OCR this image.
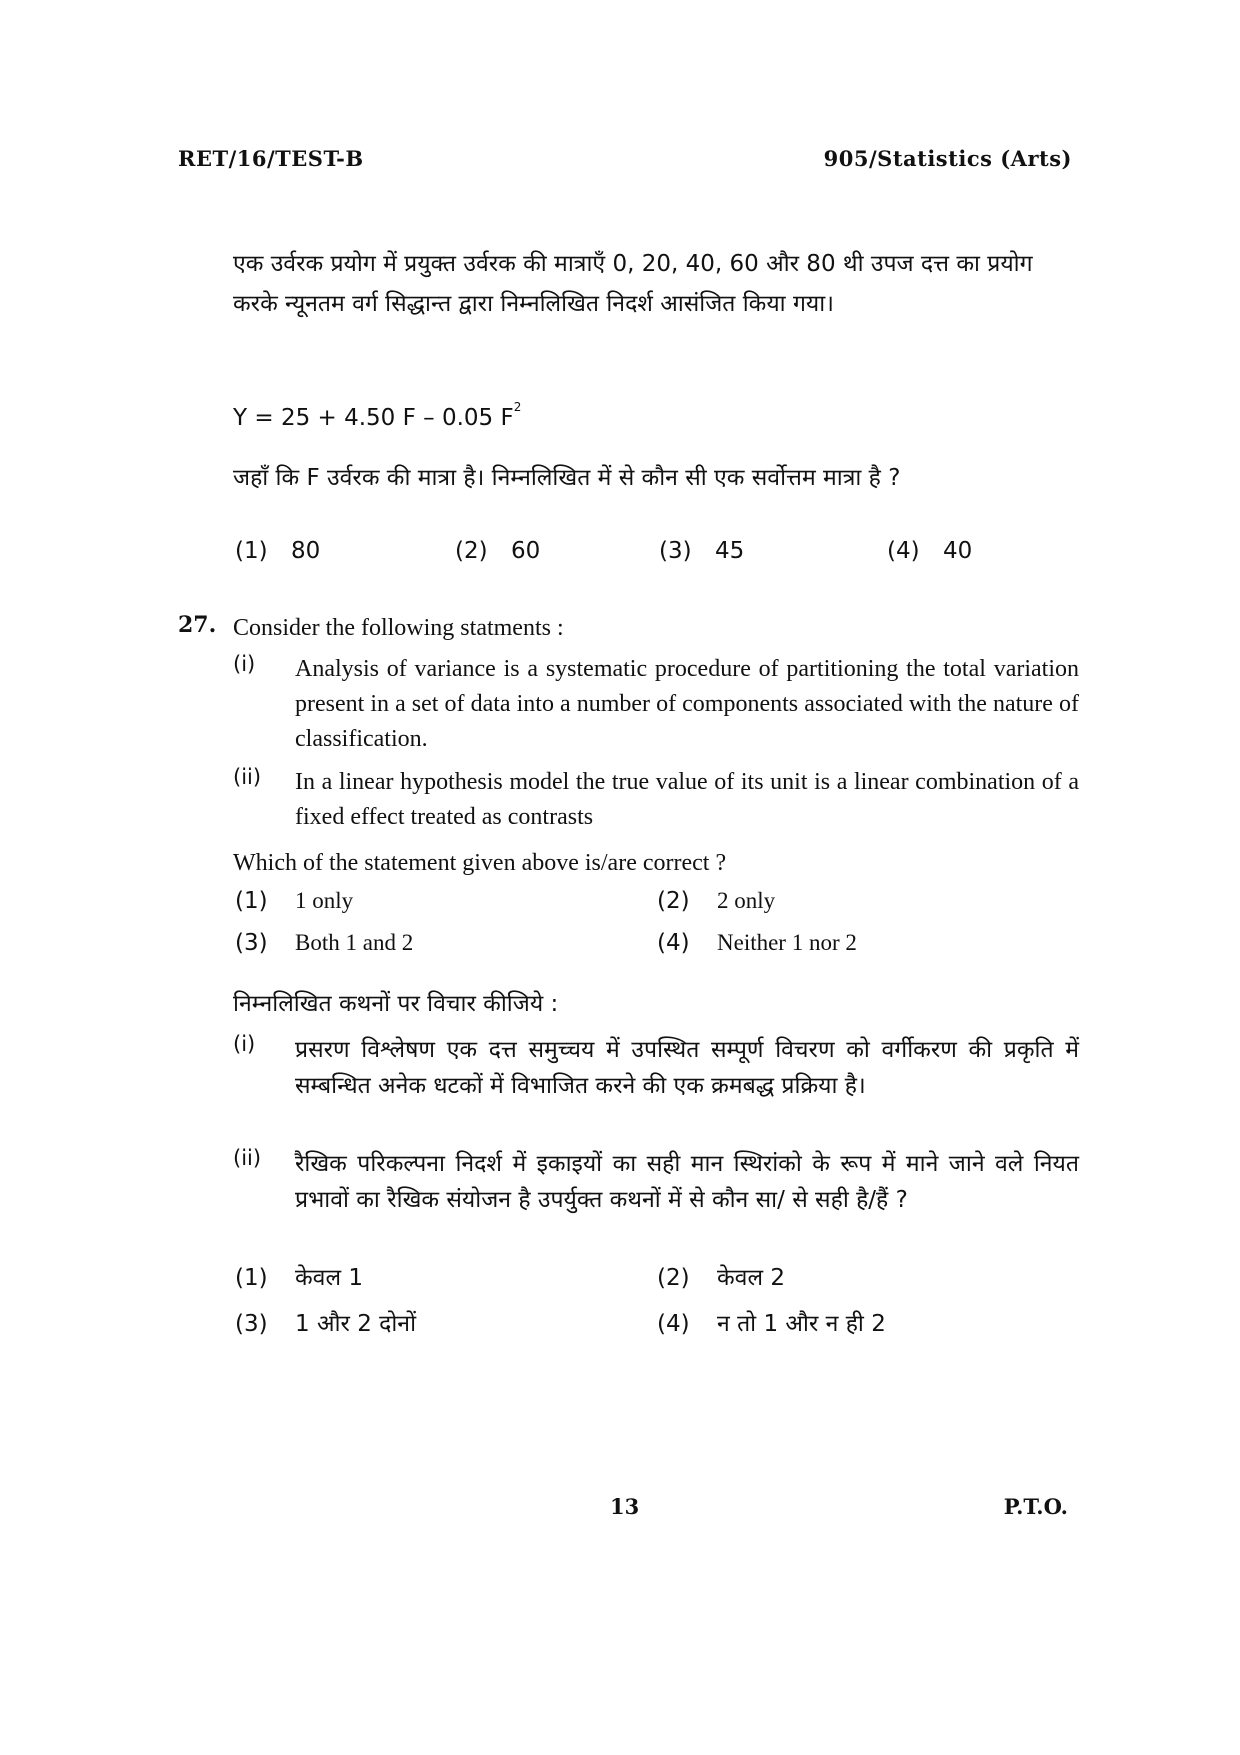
RET/16/TEST-B	905/Statistics (Arts)
एक उर्वरक प्रयोग में प्रयुक्त उर्वरक की मात्राएँ 0, 20, 40, 60 और 80 थी उपज दत्त का प्रयोग करके न्यूनतम वर्ग सिद्धान्त द्वारा निम्नलिखित निदर्श आसंजित किया गया।
Y = 25 + 4.50 F – 0.05 $F^2$
जहाँ कि F उर्वरक की मात्रा है। निम्नलिखित में से कौन सी एक सर्वोत्तम मात्रा है ?
(1) 80	(2) 60	(3) 45	(4) 40
27. Consider the following statments :
(i) Analysis of variance is a systematic procedure of partitioning the total variation present in a set of data into a number of components associated with the nature of classification.
(ii) In a linear hypothesis model the true value of its unit is a linear combination of a fixed effect treated as contrasts
Which of the statement given above is/are correct ?
(1) 1 only	(2) 2 only
(3) Both 1 and 2	(4) Neither 1 nor 2
निम्नलिखित कथनों पर विचार कीजिये :
(i) प्रसरण विश्लेषण एक दत्त समुच्चय में उपस्थित सम्पूर्ण विचरण को वर्गीकरण की प्रकृति में सम्बन्धित अनेक धटकों में विभाजित करने की एक क्रमबद्ध प्रक्रिया है।
(ii) रैखिक परिकल्पना निदर्श में इकाइयों का सही मान स्थिरांको के रूप में माने जाने वले नियत प्रभावों का रैखिक संयोजन है उपर्युक्त कथनों में से कौन सा/ से सही है/हैं ?
(1) केवल 1	(2) केवल 2
(3) 1 और 2 दोनों	(4) न तो 1 और न ही 2
13	P.T.O.
